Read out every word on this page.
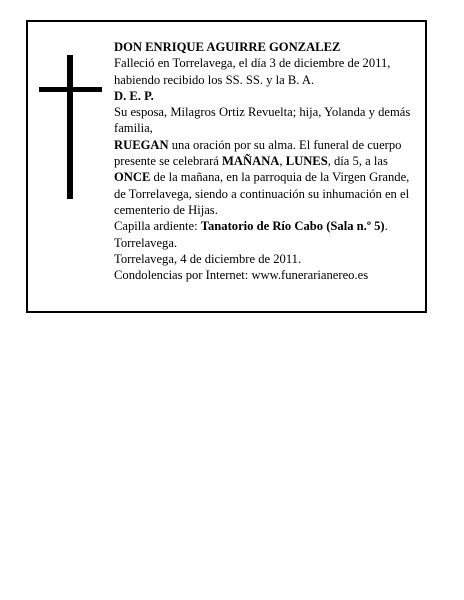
DON ENRIQUE AGUIRRE GONZALEZ

Falleció en Torrelavega, el día 3 de diciembre de 2011, habiendo recibido los SS. SS. y la B. A.

D. E. P.

Su esposa, Milagros Ortiz Revuelta; hija, Yolanda y demás familia,

RUEGAN una oración por su alma. El funeral de cuerpo presente se celebrará MAÑANA, LUNES, día 5, a las ONCE de la mañana, en la parroquia de la Virgen Grande, de Torrelavega, siendo a continuación su inhumación en el cementerio de Hijas.

Capilla ardiente: Tanatorio de Río Cabo (Sala n.º 5). Torrelavega.

Torrelavega, 4 de diciembre de 2011.

Condolencias por Internet: www.funerarianereo.es
